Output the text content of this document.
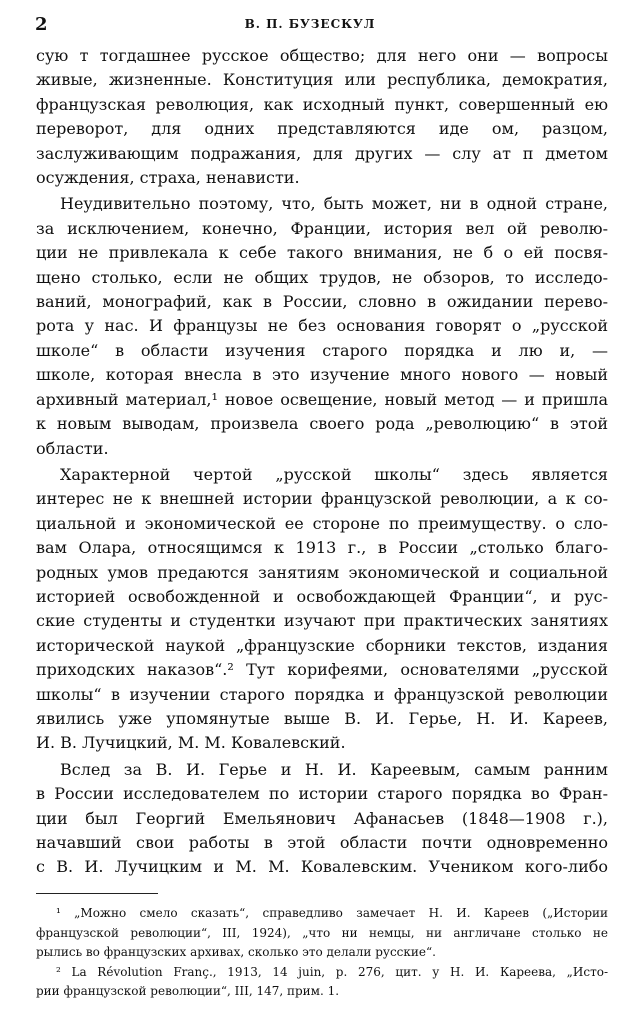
2	В. П. БУЗЕСКУЛ

сую т тогдашнее русское общество; для него они — вопросы
живые, жизненные. Конституция или республика, демократия,
французская революция, как исходный пункт, совершенный ею
переворот, для одних представляются иде ом, разцом,
заслуживающим подражания, для других — слу ат п дметом
осуждения, страха, ненависти.

Неудивительно поэтому, что, быть может, ни в одной стране,
за исключением, конечно, Франции, история вел ой револю-
ции не привлекала к себе такого внимания, не б о ей посвя-
щено столько, если не общих трудов, не обзоров, то исследо-
ваний, монографий, как в России, словно в ожидании перево-
рота у нас. И французы не без основания говорят о „русской
школе“ в области изучения старого порядка и лю и, —
школе, которая внесла в это изучение много нового — новый
архивный материал,¹ новое освещение, новый метод — и пришла
к новым выводам, произвела своего рода „революцию“ в этой
области.

Характерной чертой „русской школы“ здесь является
интерес не к внешней истории французской революции, а к со-
циальной и экономической ее стороне по преимуществу. о сло-
вам Олара, относящимся к 1913 г., в России „столько благо-
родных умов предаются занятиям экономической и социальной
историей освобожденной и освобождающей Франции“, и рус-
ские студенты и студентки изучают при практических занятиях
исторической наукой „французские сборники текстов, издания
приходских наказов“.² Тут корифеями, основателями „русской
школы“ в изучении старого порядка и французской революции
явились уже упомянутые выше В. И. Герье, Н. И. Кареев,
И. В. Лучицкий, М. М. Ковалевский.

Вслед за В. И. Герье и Н. И. Кареевым, самым ранним
в России исследователем по истории старого порядка во Фран-
ции был Георгий Емельянович Афанасьев (1848—1908 г.),
начавший свои работы в этой области почти одновременно
с В. И. Лучицким и М. М. Ковалевским. Учеником кого-либо

¹ „Можно смело сказать“, справедливо замечает Н. И. Кареев („Истории
французской революции“, III, 1924), „что ни немцы, ни англичане столько не
рылись во французских архивах, сколько это делали русские“.

² La Révolution Franç., 1913, 14 juin, p. 276, цит. у Н. И. Кареева, „Исто-
рии французской революции“, III, 147, прим. 1.
